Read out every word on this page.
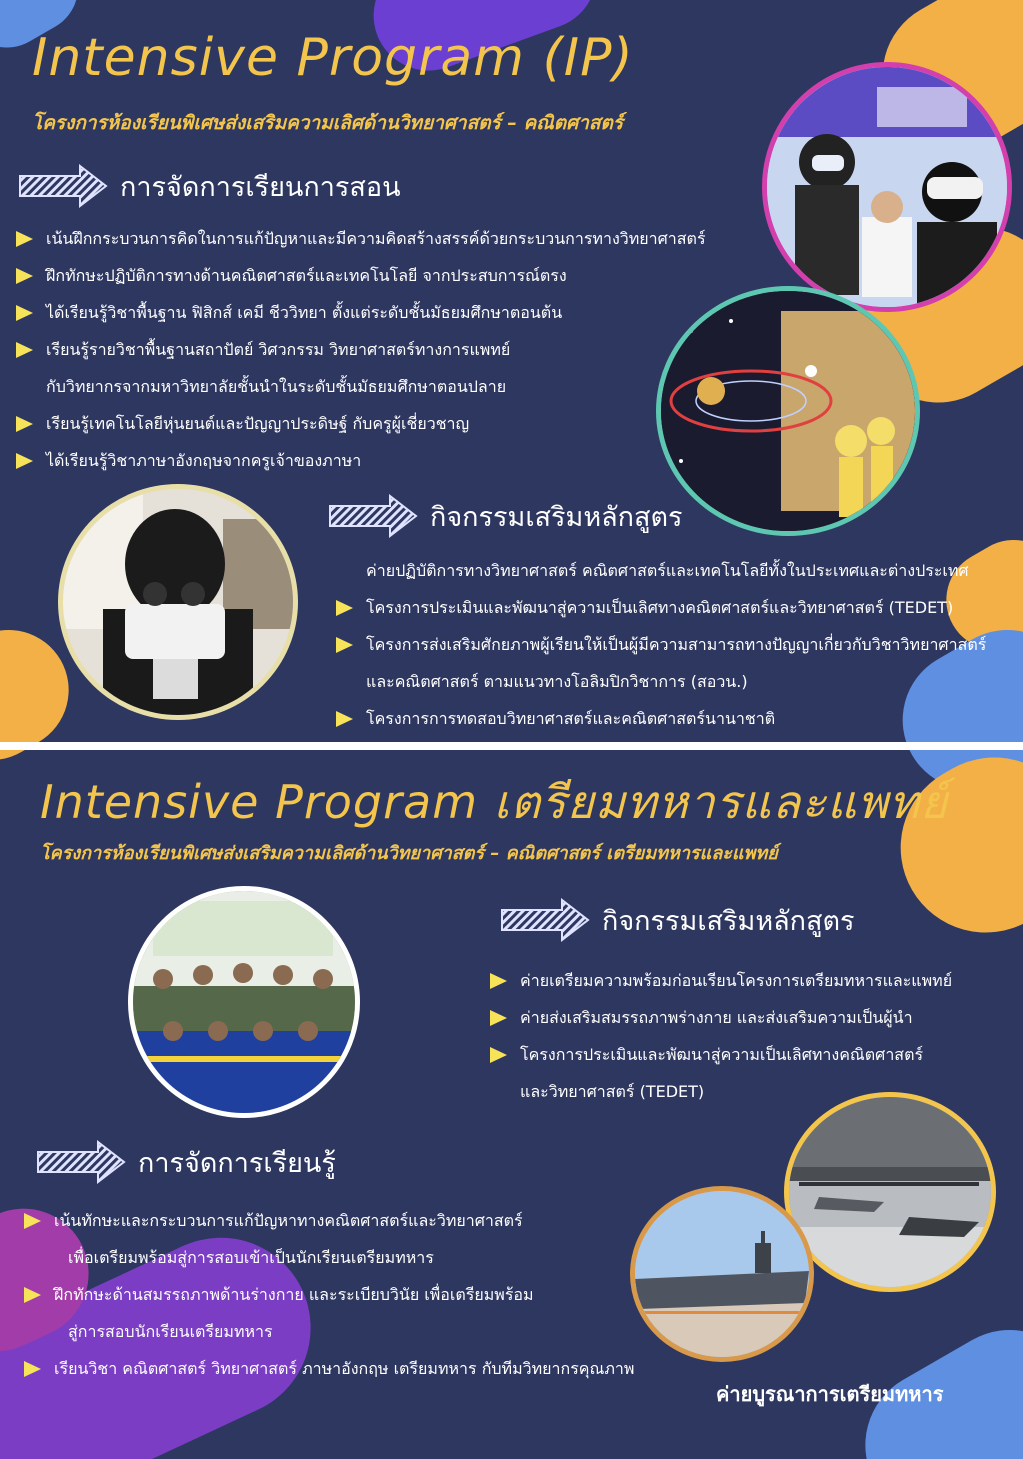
Intensive Program (IP)
โครงการห้องเรียนพิเศษส่งเสริมความเลิศด้านวิทยาศาสตร์ – คณิตศาสตร์
การจัดการเรียนการสอน
เน้นฝึกกระบวนการคิดในการแก้ปัญหาและมีความคิดสร้างสรรค์ด้วยกระบวนการทางวิทยาศาสตร์
ฝึกทักษะปฏิบัติการทางด้านคณิตศาสตร์และเทคโนโลยี จากประสบการณ์ตรง
ได้เรียนรู้วิชาพื้นฐาน ฟิสิกส์ เคมี ชีววิทยา ตั้งแต่ระดับชั้นมัธยมศึกษาตอนต้น
เรียนรู้รายวิชาพื้นฐานสถาปัตย์ วิศวกรรม วิทยาศาสตร์ทางการแพทย์
กับวิทยากรจากมหาวิทยาลัยชั้นนำในระดับชั้นมัธยมศึกษาตอนปลาย
เรียนรู้เทคโนโลยีหุ่นยนต์และปัญญาประดิษฐ์ กับครูผู้เชี่ยวชาญ
ได้เรียนรู้วิชาภาษาอังกฤษจากครูเจ้าของภาษา
กิจกรรมเสริมหลักสูตร
ค่ายปฏิบัติการทางวิทยาศาสตร์ คณิตศาสตร์และเทคโนโลยีทั้งในประเทศและต่างประเทศ
โครงการประเมินและพัฒนาสู่ความเป็นเลิศทางคณิตศาสตร์และวิทยาศาสตร์ (TEDET)
โครงการส่งเสริมศักยภาพผู้เรียนให้เป็นผู้มีความสามารถทางปัญญาเกี่ยวกับวิชาวิทยาศาสตร์
และคณิตศาสตร์ ตามแนวทางโอลิมปิกวิชาการ (สอวน.)
โครงการการทดสอบวิทยาศาสตร์และคณิตศาสตร์นานาชาติ
Intensive Program เตรียมทหารและแพทย์
โครงการห้องเรียนพิเศษส่งเสริมความเลิศด้านวิทยาศาสตร์ – คณิตศาสตร์ เตรียมทหารและแพทย์
กิจกรรมเสริมหลักสูตร
ค่ายเตรียมความพร้อมก่อนเรียนโครงการเตรียมทหารและแพทย์
ค่ายส่งเสริมสมรรถภาพร่างกาย และส่งเสริมความเป็นผู้นำ
โครงการประเมินและพัฒนาสู่ความเป็นเลิศทางคณิตศาสตร์
และวิทยาศาสตร์ (TEDET)
การจัดการเรียนรู้
เน้นทักษะและกระบวนการแก้ปัญหาทางคณิตศาสตร์และวิทยาศาสตร์
เพื่อเตรียมพร้อมสู่การสอบเข้าเป็นนักเรียนเตรียมทหาร
ฝึกทักษะด้านสมรรถภาพด้านร่างกาย และระเบียบวินัย เพื่อเตรียมพร้อม
สู่การสอบนักเรียนเตรียมทหาร
เรียนวิชา คณิตศาสตร์ วิทยาศาสตร์ ภาษาอังกฤษ เตรียมทหาร กับทีมวิทยากรคุณภาพ
ค่ายบูรณาการเตรียมทหาร
